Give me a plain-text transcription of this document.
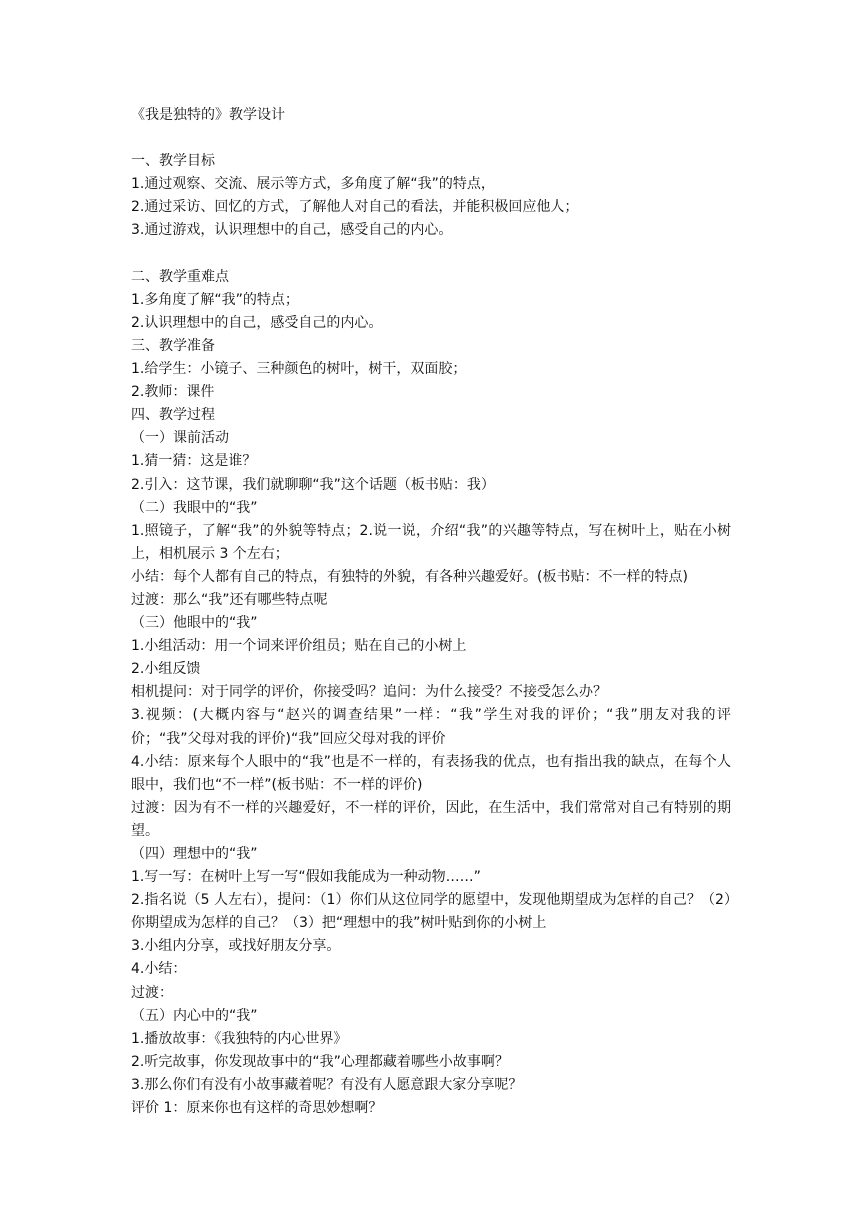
《我是独特的》教学设计
一、教学目标
1.通过观察、交流、展示等方式，多角度了解“我”的特点，
2.通过采访、回忆的方式，了解他人对自己的看法，并能积极回应他人；
3.通过游戏，认识理想中的自己，感受自己的内心。
二、教学重难点
1.多角度了解“我”的特点；
2.认识理想中的自己，感受自己的内心。
三、教学准备
1.给学生：小镜子、三种颜色的树叶，树干，双面胶；
2.教师：课件
四、教学过程
（一）课前活动
1.猜一猜：这是谁？
2.引入：这节课，我们就聊聊“我”这个话题（板书贴：我）
（二）我眼中的“我”
1.照镜子，了解“我”的外貌等特点；2.说一说，介绍“我”的兴趣等特点，写在树叶上，贴在小树上，相机展示 3 个左右；
小结：每个人都有自己的特点，有独特的外貌，有各种兴趣爱好。(板书贴：不一样的特点)
过渡：那么“我”还有哪些特点呢
（三）他眼中的“我”
1.小组活动：用一个词来评价组员；贴在自己的小树上
2.小组反馈
相机提问：对于同学的评价，你接受吗？追问：为什么接受？不接受怎么办？
3.视频：(大概内容与“赵兴的调查结果”一样：“我”学生对我的评价；“我”朋友对我的评价；“我”父母对我的评价)“我”回应父母对我的评价
4.小结：原来每个人眼中的“我”也是不一样的，有表扬我的优点，也有指出我的缺点，在每个人眼中，我们也“不一样”(板书贴：不一样的评价)
过渡：因为有不一样的兴趣爱好，不一样的评价，因此，在生活中，我们常常对自己有特别的期望。
（四）理想中的“我”
1.写一写：在树叶上写一写“假如我能成为一种动物……”
2.指名说（5 人左右），提问：（1）你们从这位同学的愿望中，发现他期望成为怎样的自己？（2）你期望成为怎样的自己？（3）把“理想中的我”树叶贴到你的小树上
3.小组内分享，或找好朋友分享。
4.小结：
过渡：
（五）内心中的“我”
1.播放故事：《我独特的内心世界》
2.听完故事，你发现故事中的“我”心理都藏着哪些小故事啊？
3.那么你们有没有小故事藏着呢？有没有人愿意跟大家分享呢？
评价 1：原来你也有这样的奇思妙想啊？
